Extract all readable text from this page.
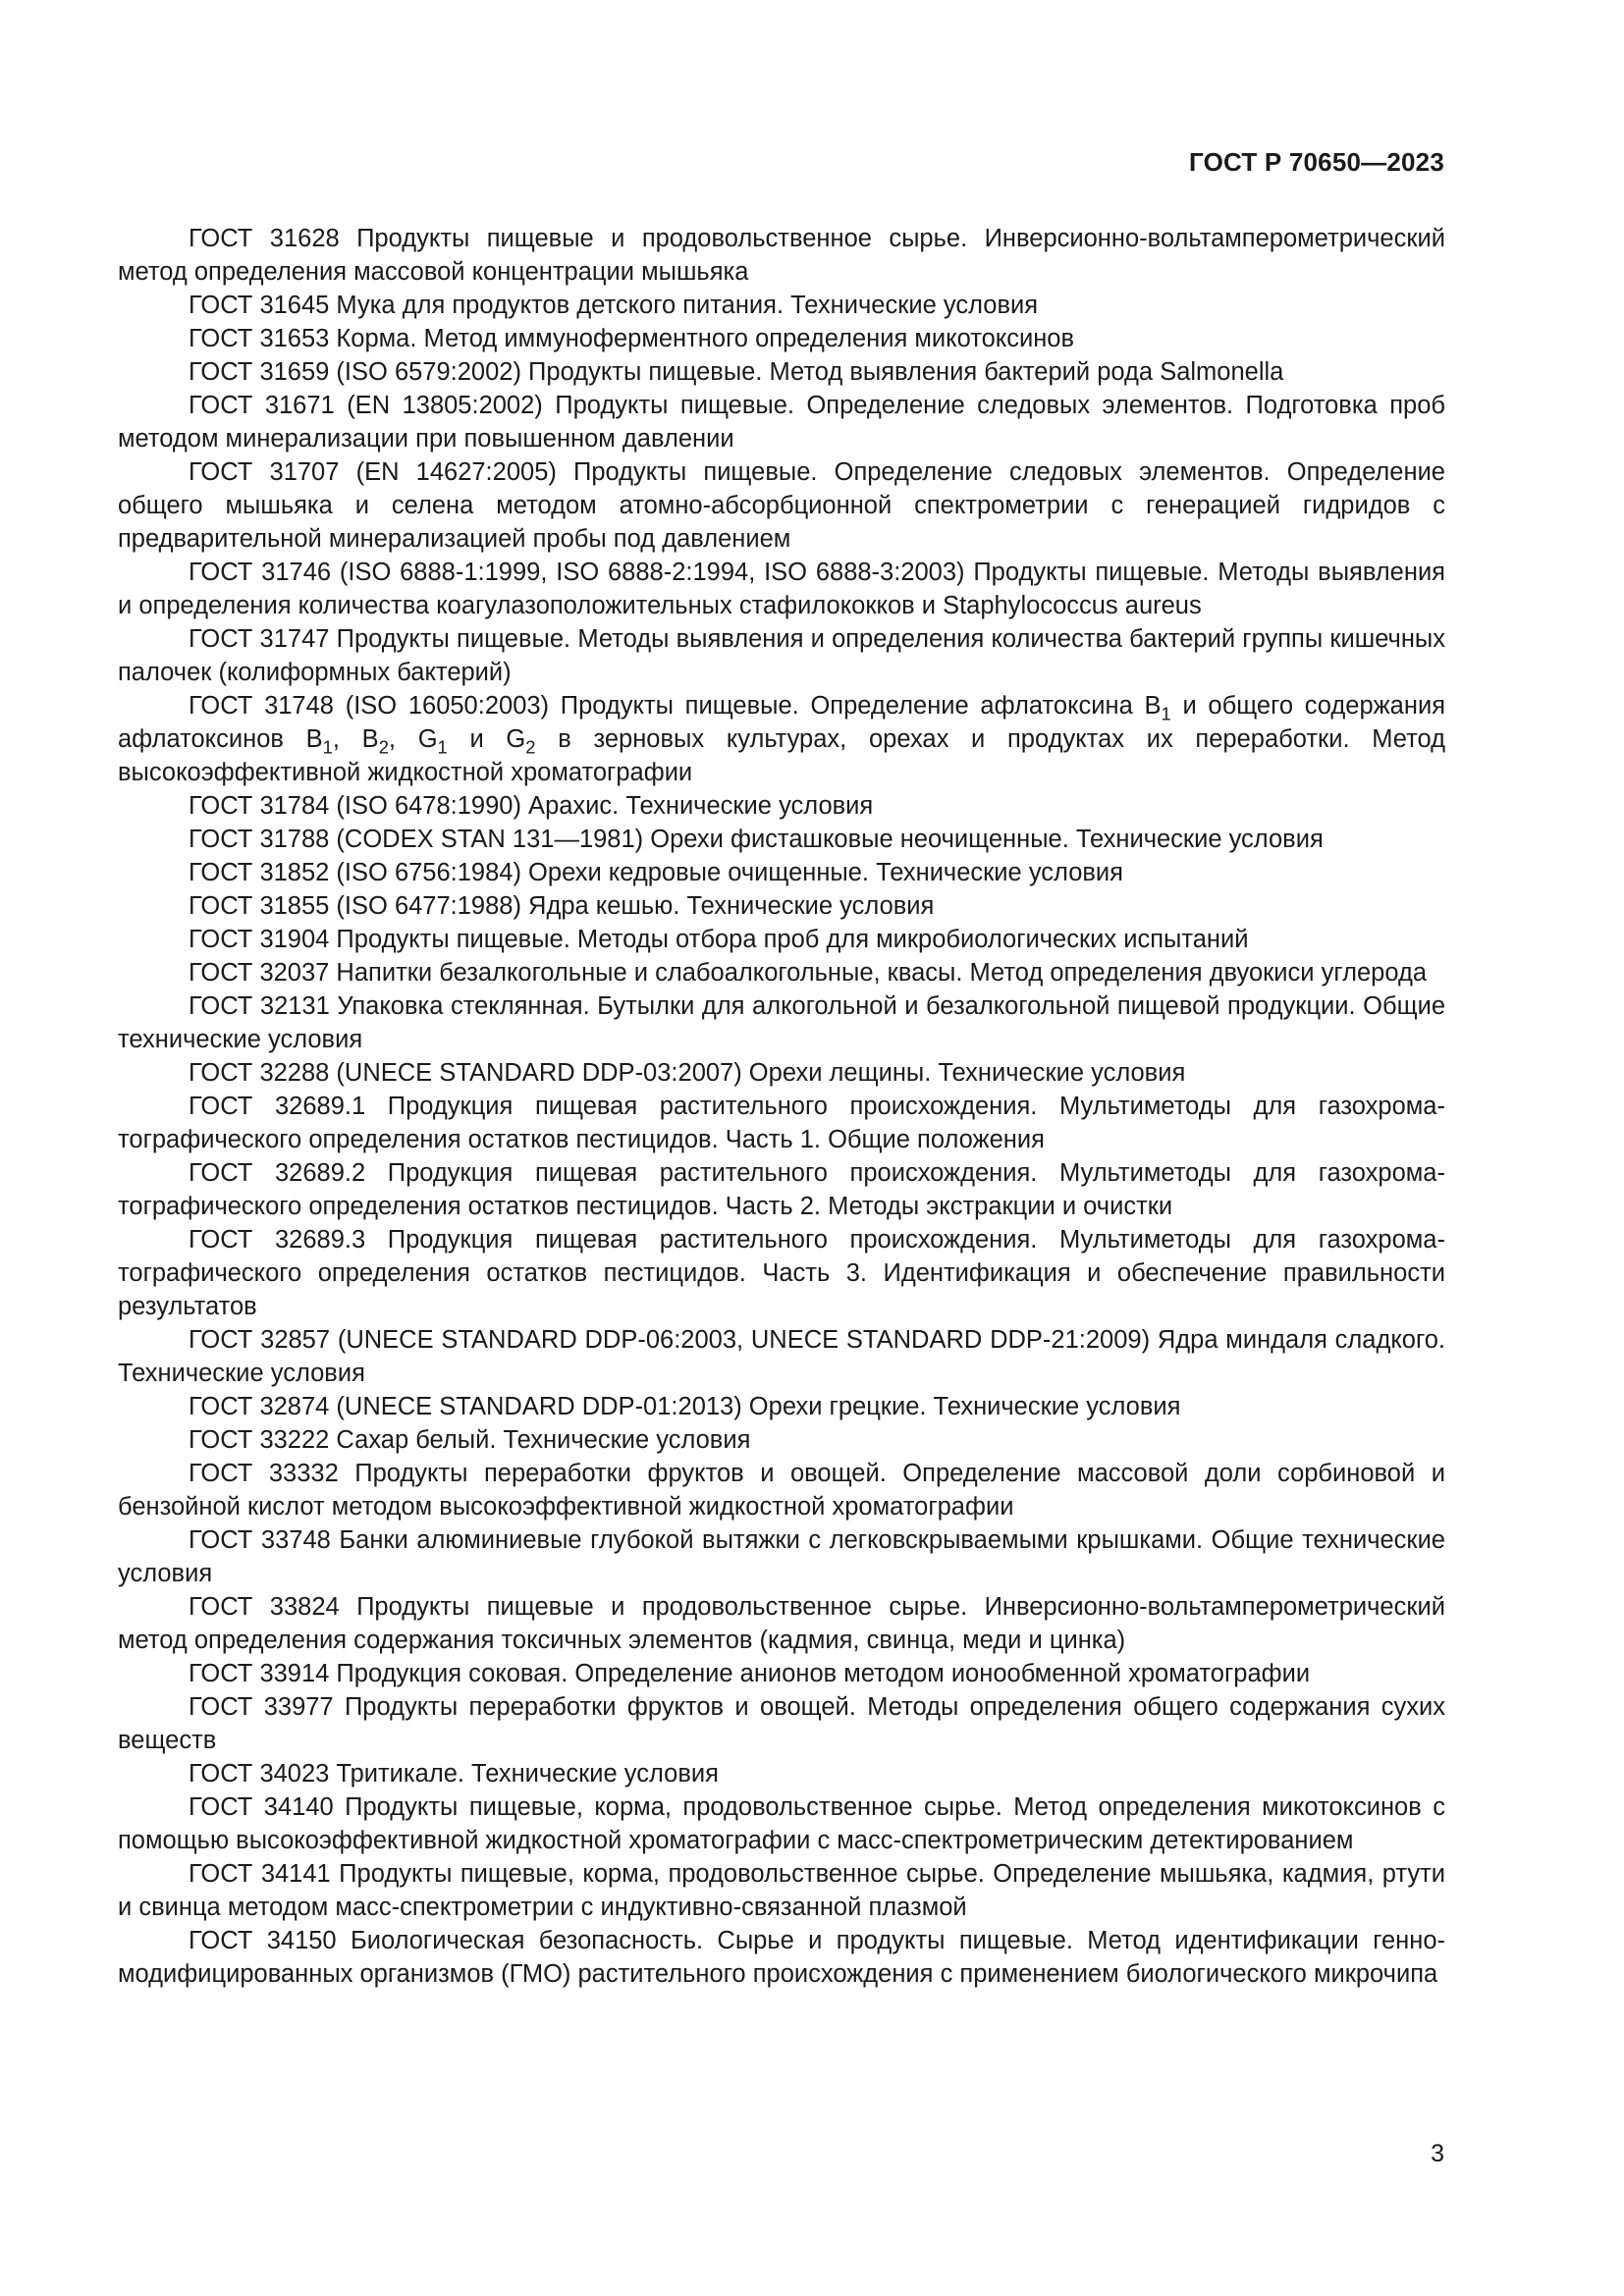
ГОСТ Р 70650—2023

ГОСТ 31628 Продукты пищевые и продовольственное сырье. Инверсионно-вольтамперометрический метод определения массовой концентрации мышьяка

ГОСТ 31645 Мука для продуктов детского питания. Технические условия

ГОСТ 31653 Корма. Метод иммуноферментного определения микотоксинов

ГОСТ 31659 (ISO 6579:2002) Продукты пищевые. Метод выявления бактерий рода Salmonella

ГОСТ 31671 (EN 13805:2002) Продукты пищевые. Определение следовых элементов. Подготовка проб методом минерализации при повышенном давлении

ГОСТ 31707 (EN 14627:2005) Продукты пищевые. Определение следовых элементов. Определение общего мышьяка и селена методом атомно-абсорбционной спектрометрии с генерацией гидридов с предварительной минерализацией пробы под давлением

ГОСТ 31746 (ISO 6888-1:1999, ISO 6888-2:1994, ISO 6888-3:2003) Продукты пищевые. Методы выявления и определения количества коагулазоположительных стафилококков и Staphylococcus aureus

ГОСТ 31747 Продукты пищевые. Методы выявления и определения количества бактерий группы кишечных палочек (колиформных бактерий)

ГОСТ 31748 (ISO 16050:2003) Продукты пищевые. Определение афлатоксина $B_1$ и общего содержания афлатоксинов $B_1$, $B_2$, $G_1$ и $G_2$ в зерновых культурах, орехах и продуктах их переработки. Метод высокоэффективной жидкостной хроматографии

ГОСТ 31784 (ISO 6478:1990) Арахис. Технические условия

ГОСТ 31788 (CODEX STAN 131—1981) Орехи фисташковые неочищенные. Технические условия

ГОСТ 31852 (ISO 6756:1984) Орехи кедровые очищенные. Технические условия

ГОСТ 31855 (ISO 6477:1988) Ядра кешью. Технические условия

ГОСТ 31904 Продукты пищевые. Методы отбора проб для микробиологических испытаний

ГОСТ 32037 Напитки безалкогольные и слабоалкогольные, квасы. Метод определения двуокиси углерода

ГОСТ 32131 Упаковка стеклянная. Бутылки для алкогольной и безалкогольной пищевой продукции. Общие технические условия

ГОСТ 32288 (UNECE STANDARD DDP-03:2007) Орехи лещины. Технические условия

ГОСТ 32689.1 Продукция пищевая растительного происхождения. Мультиметоды для газохроматографического определения остатков пестицидов. Часть 1. Общие положения

ГОСТ 32689.2 Продукция пищевая растительного происхождения. Мультиметоды для газохроматографического определения остатков пестицидов. Часть 2. Методы экстракции и очистки

ГОСТ 32689.3 Продукция пищевая растительного происхождения. Мультиметоды для газохроматографического определения остатков пестицидов. Часть 3. Идентификация и обеспечение правильности результатов

ГОСТ 32857 (UNECE STANDARD DDP-06:2003, UNECE STANDARD DDP-21:2009) Ядра миндаля сладкого. Технические условия

ГОСТ 32874 (UNECE STANDARD DDP-01:2013) Орехи грецкие. Технические условия

ГОСТ 33222 Сахар белый. Технические условия

ГОСТ 33332 Продукты переработки фруктов и овощей. Определение массовой доли сорбиновой и бензойной кислот методом высокоэффективной жидкостной хроматографии

ГОСТ 33748 Банки алюминиевые глубокой вытяжки с легковскрываемыми крышками. Общие технические условия

ГОСТ 33824 Продукты пищевые и продовольственное сырье. Инверсионно-вольтамперометрический метод определения содержания токсичных элементов (кадмия, свинца, меди и цинка)

ГОСТ 33914 Продукция соковая. Определение анионов методом ионообменной хроматографии

ГОСТ 33977 Продукты переработки фруктов и овощей. Методы определения общего содержания сухих веществ

ГОСТ 34023 Тритикале. Технические условия

ГОСТ 34140 Продукты пищевые, корма, продовольственное сырье. Метод определения микотоксинов с помощью высокоэффективной жидкостной хроматографии с масс-спектрометрическим детектированием

ГОСТ 34141 Продукты пищевые, корма, продовольственное сырье. Определение мышьяка, кадмия, ртути и свинца методом масс-спектрометрии с индуктивно-связанной плазмой

ГОСТ 34150 Биологическая безопасность. Сырье и продукты пищевые. Метод идентификации генно-модифицированных организмов (ГМО) растительного происхождения с применением биологического микрочипа

3
